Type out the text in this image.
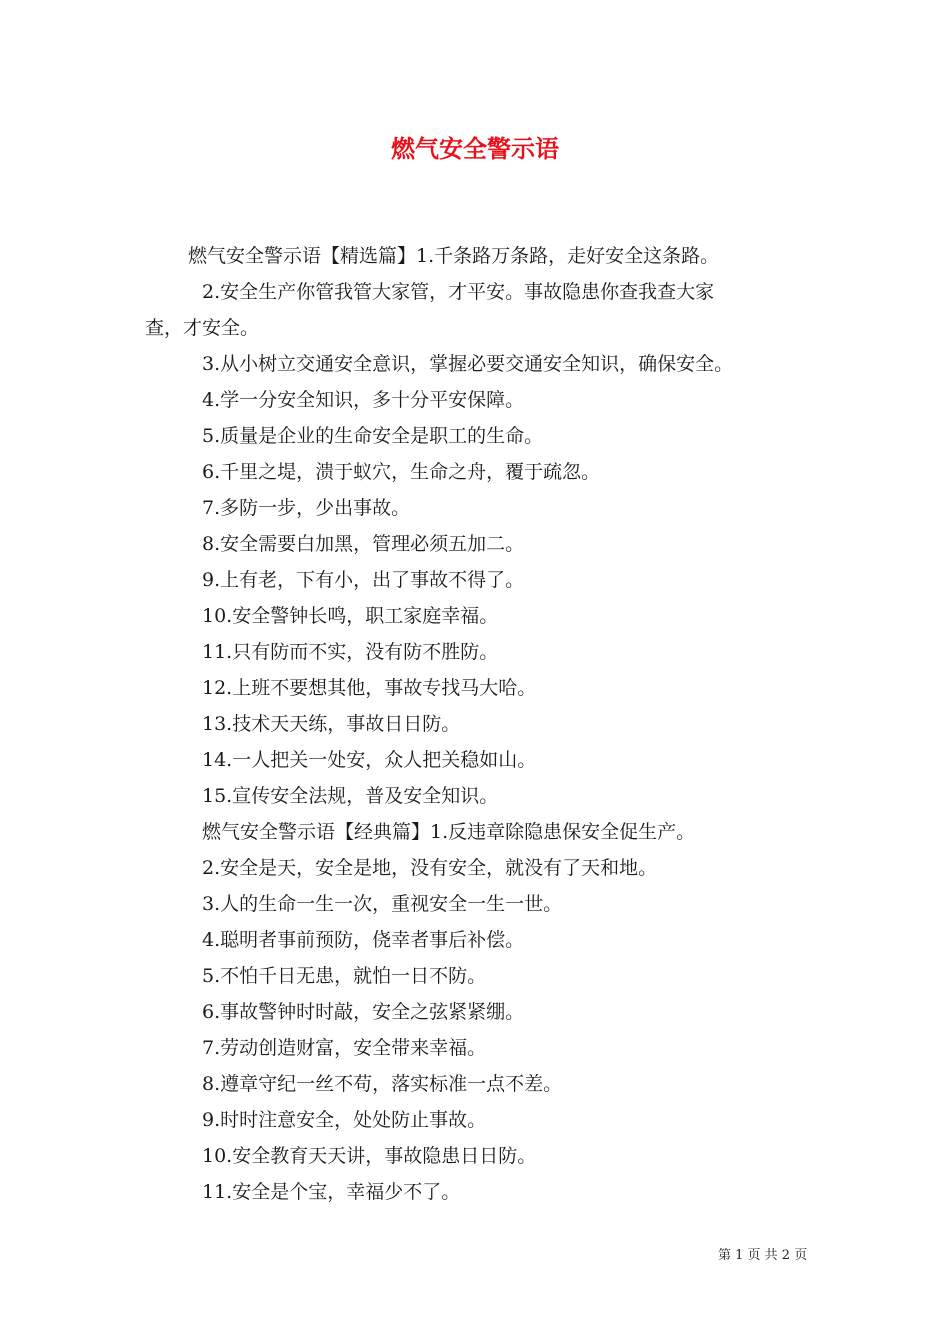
燃气安全警示语

燃气安全警示语【精选篇】1.千条路万条路，走好安全这条路。

2.安全生产你管我管大家管，才平安。事故隐患你查我查大家

查，才安全。

3.从小树立交通安全意识，掌握必要交通安全知识，确保安全。

4.学一分安全知识，多十分平安保障。

5.质量是企业的生命安全是职工的生命。

6.千里之堤，溃于蚁穴，生命之舟，覆于疏忽。

7.多防一步，少出事故。

8.安全需要白加黑，管理必须五加二。

9.上有老，下有小，出了事故不得了。

10.安全警钟长鸣，职工家庭幸福。

11.只有防而不实，没有防不胜防。

12.上班不要想其他，事故专找马大哈。

13.技术天天练，事故日日防。

14.一人把关一处安，众人把关稳如山。

15.宣传安全法规，普及安全知识。

燃气安全警示语【经典篇】1.反违章除隐患保安全促生产。

2.安全是天，安全是地，没有安全，就没有了天和地。

3.人的生命一生一次，重视安全一生一世。

4.聪明者事前预防，侥幸者事后补偿。

5.不怕千日无患，就怕一日不防。

6.事故警钟时时敲，安全之弦紧紧绷。

7.劳动创造财富，安全带来幸福。

8.遵章守纪一丝不苟，落实标准一点不差。

9.时时注意安全，处处防止事故。

10.安全教育天天讲，事故隐患日日防。

11.安全是个宝，幸福少不了。

第 1 页 共 2 页
